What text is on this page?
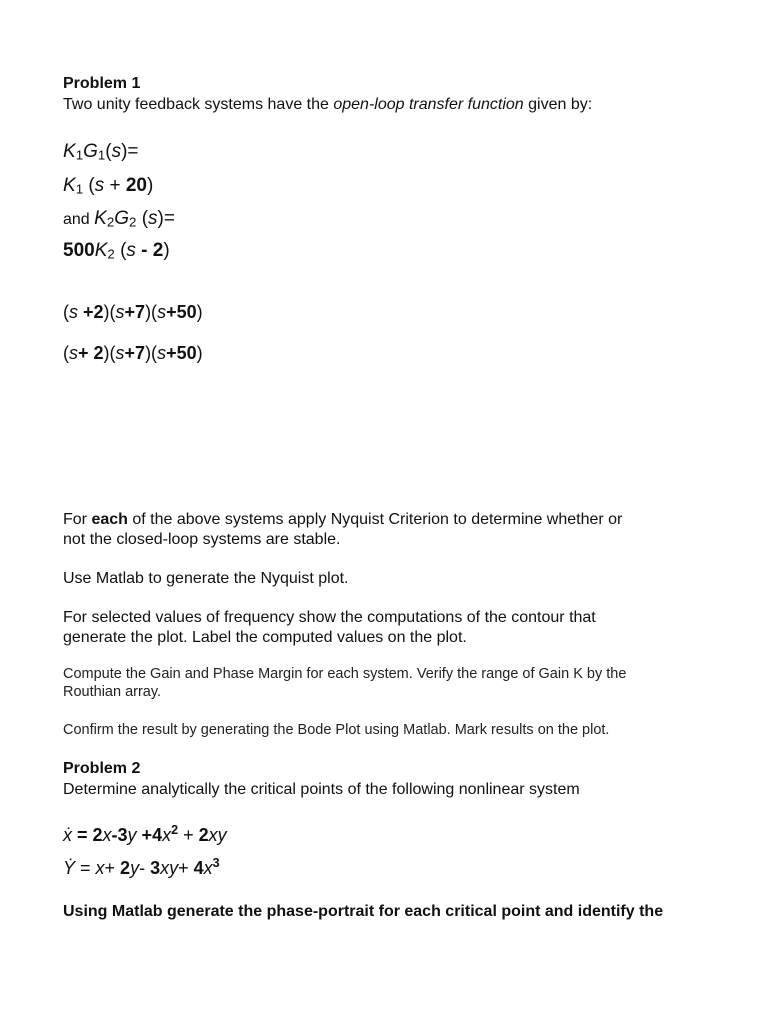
Problem 1
Two unity feedback systems have the open-loop transfer function given by:
$K_1G_1(s)=$
$K_1$ (s + 20)
and $K_2G_2$ (s)=
$500K_2$ (s - 2)
(s +2)(s+7)(s+50)
(s+ 2)(s+7)(s+50)
For each of the above systems apply Nyquist Criterion to determine whether or
not the closed-loop systems are stable.
Use Matlab to generate the Nyquist plot.
For selected values of frequency show the computations of the contour that
generate the plot. Label the computed values on the plot.
Compute the Gain and Phase Margin for each system. Verify the range of Gain K by the
Routhian array.
Confirm the result by generating the Bode Plot using Matlab. Mark results on the plot.
Problem 2
Determine analytically the critical points of the following nonlinear system
ẋ = $2x-3y +4x^2 + 2xy$
Ẏ = x+ 2y- $3xy+ 4x^3$
Using Matlab generate the phase-portrait for each critical point and identify the
